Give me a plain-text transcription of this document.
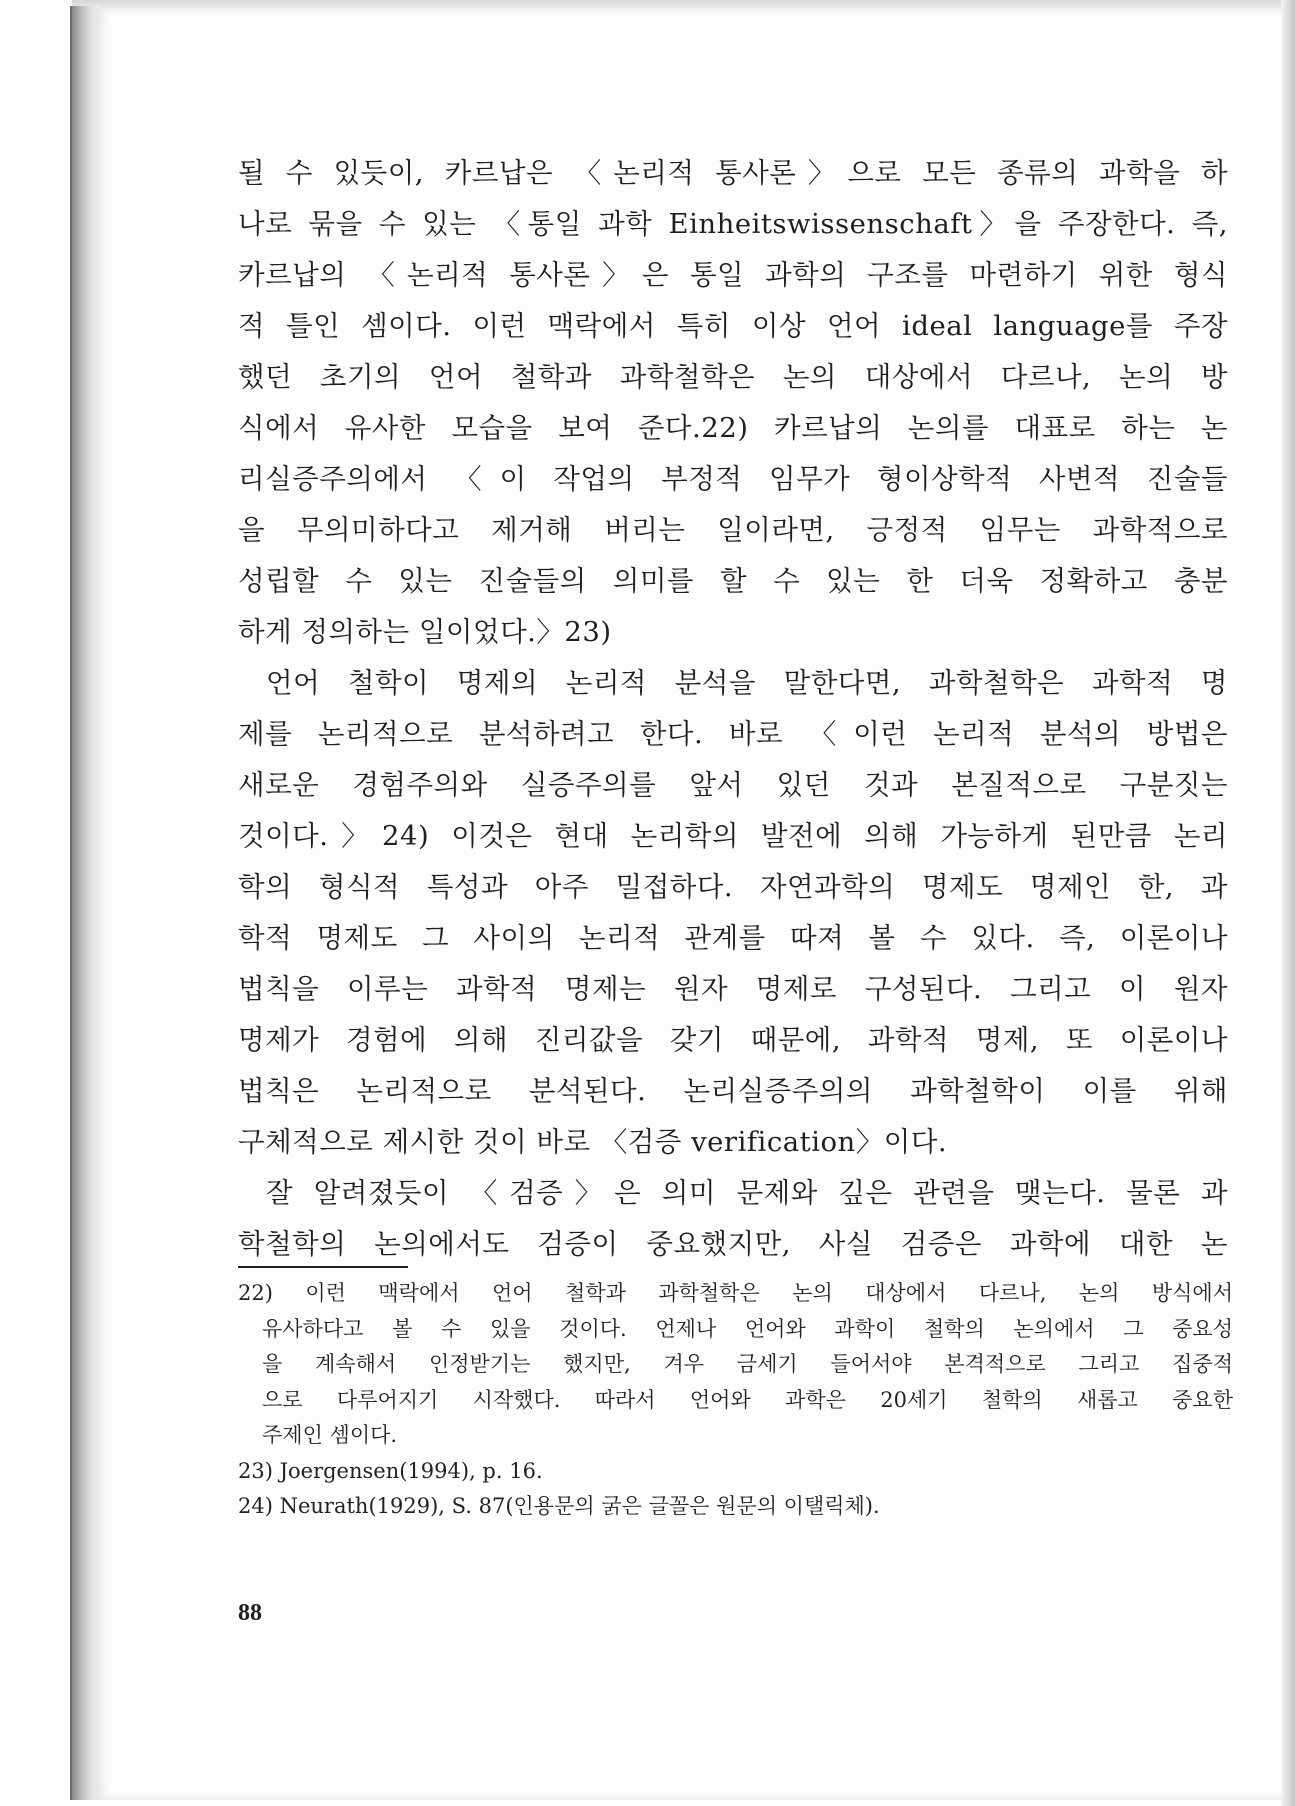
될 수 있듯이, 카르납은 〈논리적 통사론〉으로 모든 종류의 과학을 하
나로 묶을 수 있는 〈통일 과학 Einheitswissenschaft〉을 주장한다. 즉,
카르납의 〈논리적 통사론〉은 통일 과학의 구조를 마련하기 위한 형식
적 틀인 셈이다. 이런 맥락에서 특히 이상 언어 ideal language를 주장
했던 초기의 언어 철학과 과학철학은 논의 대상에서 다르나, 논의 방
식에서 유사한 모습을 보여 준다.22) 카르납의 논의를 대표로 하는 논
리실증주의에서 〈이 작업의 부정적 임무가 형이상학적 사변적 진술들
을 무의미하다고 제거해 버리는 일이라면, 긍정적 임무는 과학적으로
성립할 수 있는 진술들의 의미를 할 수 있는 한 더욱 정확하고 충분
하게 정의하는 일이었다.〉23)
언어 철학이 명제의 논리적 분석을 말한다면, 과학철학은 과학적 명
제를 논리적으로 분석하려고 한다. 바로 〈이런 논리적 분석의 방법은
새로운 경험주의와 실증주의를 앞서 있던 것과 본질적으로 구분짓는
것이다.〉24) 이것은 현대 논리학의 발전에 의해 가능하게 된만큼 논리
학의 형식적 특성과 아주 밀접하다. 자연과학의 명제도 명제인 한, 과
학적 명제도 그 사이의 논리적 관계를 따져 볼 수 있다. 즉, 이론이나
법칙을 이루는 과학적 명제는 원자 명제로 구성된다. 그리고 이 원자
명제가 경험에 의해 진리값을 갖기 때문에, 과학적 명제, 또 이론이나
법칙은 논리적으로 분석된다. 논리실증주의의 과학철학이 이를 위해
구체적으로 제시한 것이 바로 〈검증 verification〉이다.
잘 알려졌듯이 〈검증〉은 의미 문제와 깊은 관련을 맺는다. 물론 과
학철학의 논의에서도 검증이 중요했지만, 사실 검증은 과학에 대한 논
22) 이런 맥락에서 언어 철학과 과학철학은 논의 대상에서 다르나, 논의 방식에서
유사하다고 볼 수 있을 것이다. 언제나 언어와 과학이 철학의 논의에서 그 중요성
을 계속해서 인정받기는 했지만, 겨우 금세기 들어서야 본격적으로 그리고 집중적
으로 다루어지기 시작했다. 따라서 언어와 과학은 20세기 철학의 새롭고 중요한
주제인 셈이다.
23) Joergensen(1994), p. 16.
24) Neurath(1929), S. 87(인용문의 굵은 글꼴은 원문의 이탤릭체).
88
